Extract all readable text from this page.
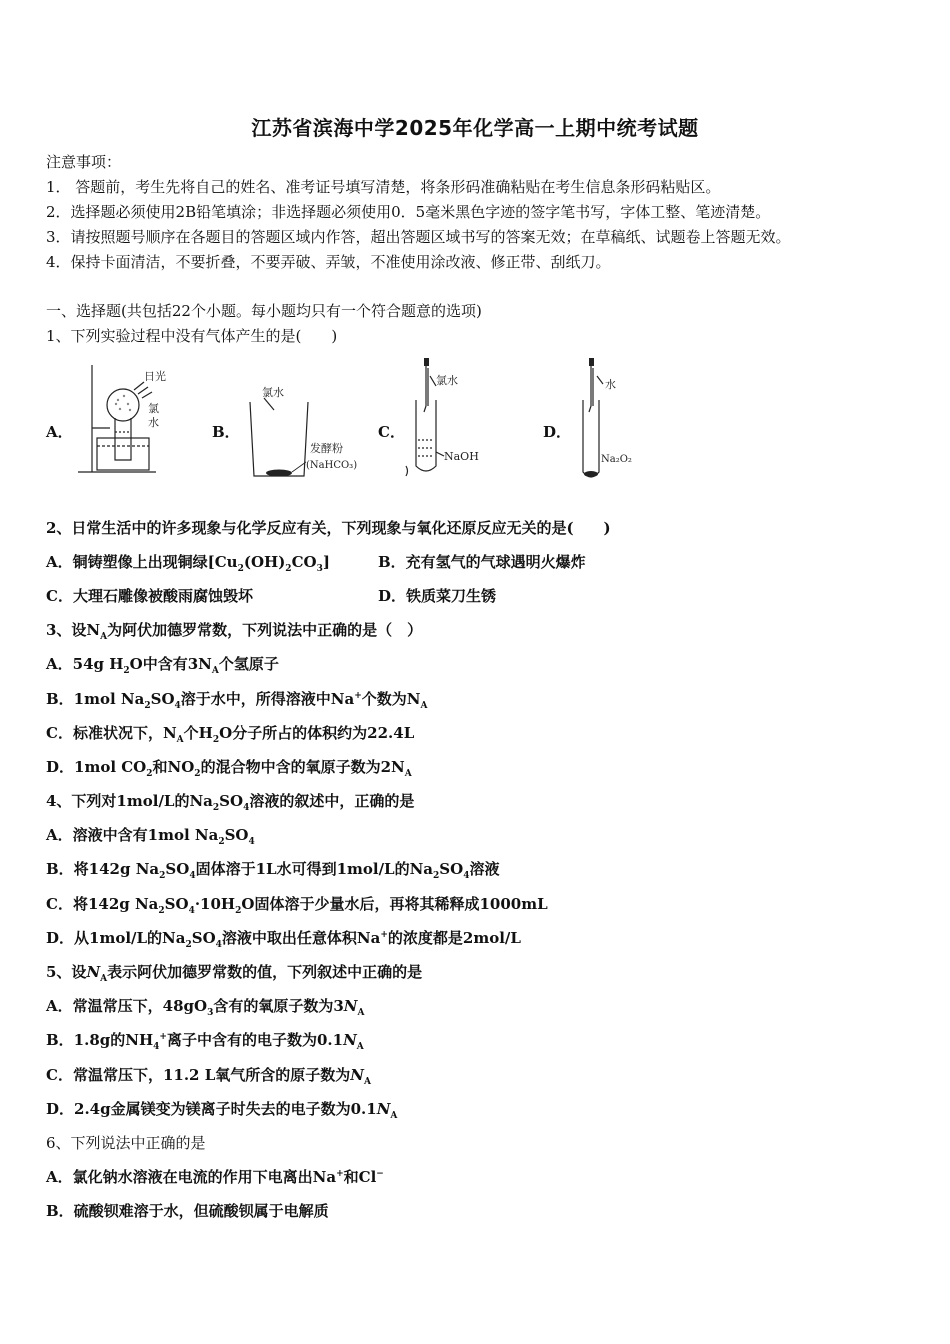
江苏省滨海中学2025年化学高一上期中统考试题
注意事项：
1． 答题前，考生先将自己的姓名、准考证号填写清楚，将条形码准确粘贴在考生信息条形码粘贴区。
2．选择题必须使用2B铅笔填涂；非选择题必须使用0．5毫米黑色字迹的签字笔书写，字体工整、笔迹清楚。
3．请按照题号顺序在各题目的答题区域内作答，超出答题区域书写的答案无效；在草稿纸、试题卷上答题无效。
4．保持卡面清洁，不要折叠，不要弄破、弄皱，不准使用涂改液、修正带、刮纸刀。
一、选择题(共包括22个小题。每小题均只有一个符合题意的选项)
1、下列实验过程中没有气体产生的是(　　)
A．	B．	C．	D．
日光
氯
水
氯水
发酵粉
(NaHCO₃)
氯水
NaOH
水
Na₂O₂
2、日常生活中的许多现象与化学反应有关，下列现象与氧化还原反应无关的是(　　)
A．铜铸塑像上出现铜绿$[Cu_2(OH)_2CO_3]$	B．充有氢气的气球遇明火爆炸
C．大理石雕像被酸雨腐蚀毁坏	D．铁质菜刀生锈
3、设$N_A$为阿伏加德罗常数，下列说法中正确的是（　）
A．54g $H_2O$中含有$3N_A$个氢原子
B．1mol $Na_2SO_4$溶于水中，所得溶液中Na+个数为$N_A$
C．标准状况下，$N_A$个$H_2O$分子所占的体积约为22.4L
D．1mol $CO_2$和$NO_2$的混合物中含的氧原子数为$2N_A$
4、下列对1mol/L的$Na_2SO_4$溶液的叙述中，正确的是
A．溶液中含有1mol $Na_2SO_4$
B．将142g $Na_2SO_4$固体溶于1L水可得到1mol/L的$Na_2SO_4$溶液
C．将142g $Na_2SO_4\cdot 10H_2O$固体溶于少量水后，再将其稀释成1000mL
D．从1mol/L的$Na_2SO_4$溶液中取出任意体积Na+的浓度都是2mol/L
5、设$N_A$表示阿伏加德罗常数的值，下列叙述中正确的是
A．常温常压下，$48gO_3$含有的氧原子数为$3N_A$
B．1.8g的$NH_4^+$离子中含有的电子数为$0.1N_A$
C．常温常压下，11.2 L氧气所含的原子数为$N_A$
D．2.4g金属镁变为镁离子时失去的电子数为$0.1N_A$
6、下列说法中正确的是
A．氯化钠水溶液在电流的作用下电离出Na+和Cl−
B．硫酸钡难溶于水，但硫酸钡属于电解质
